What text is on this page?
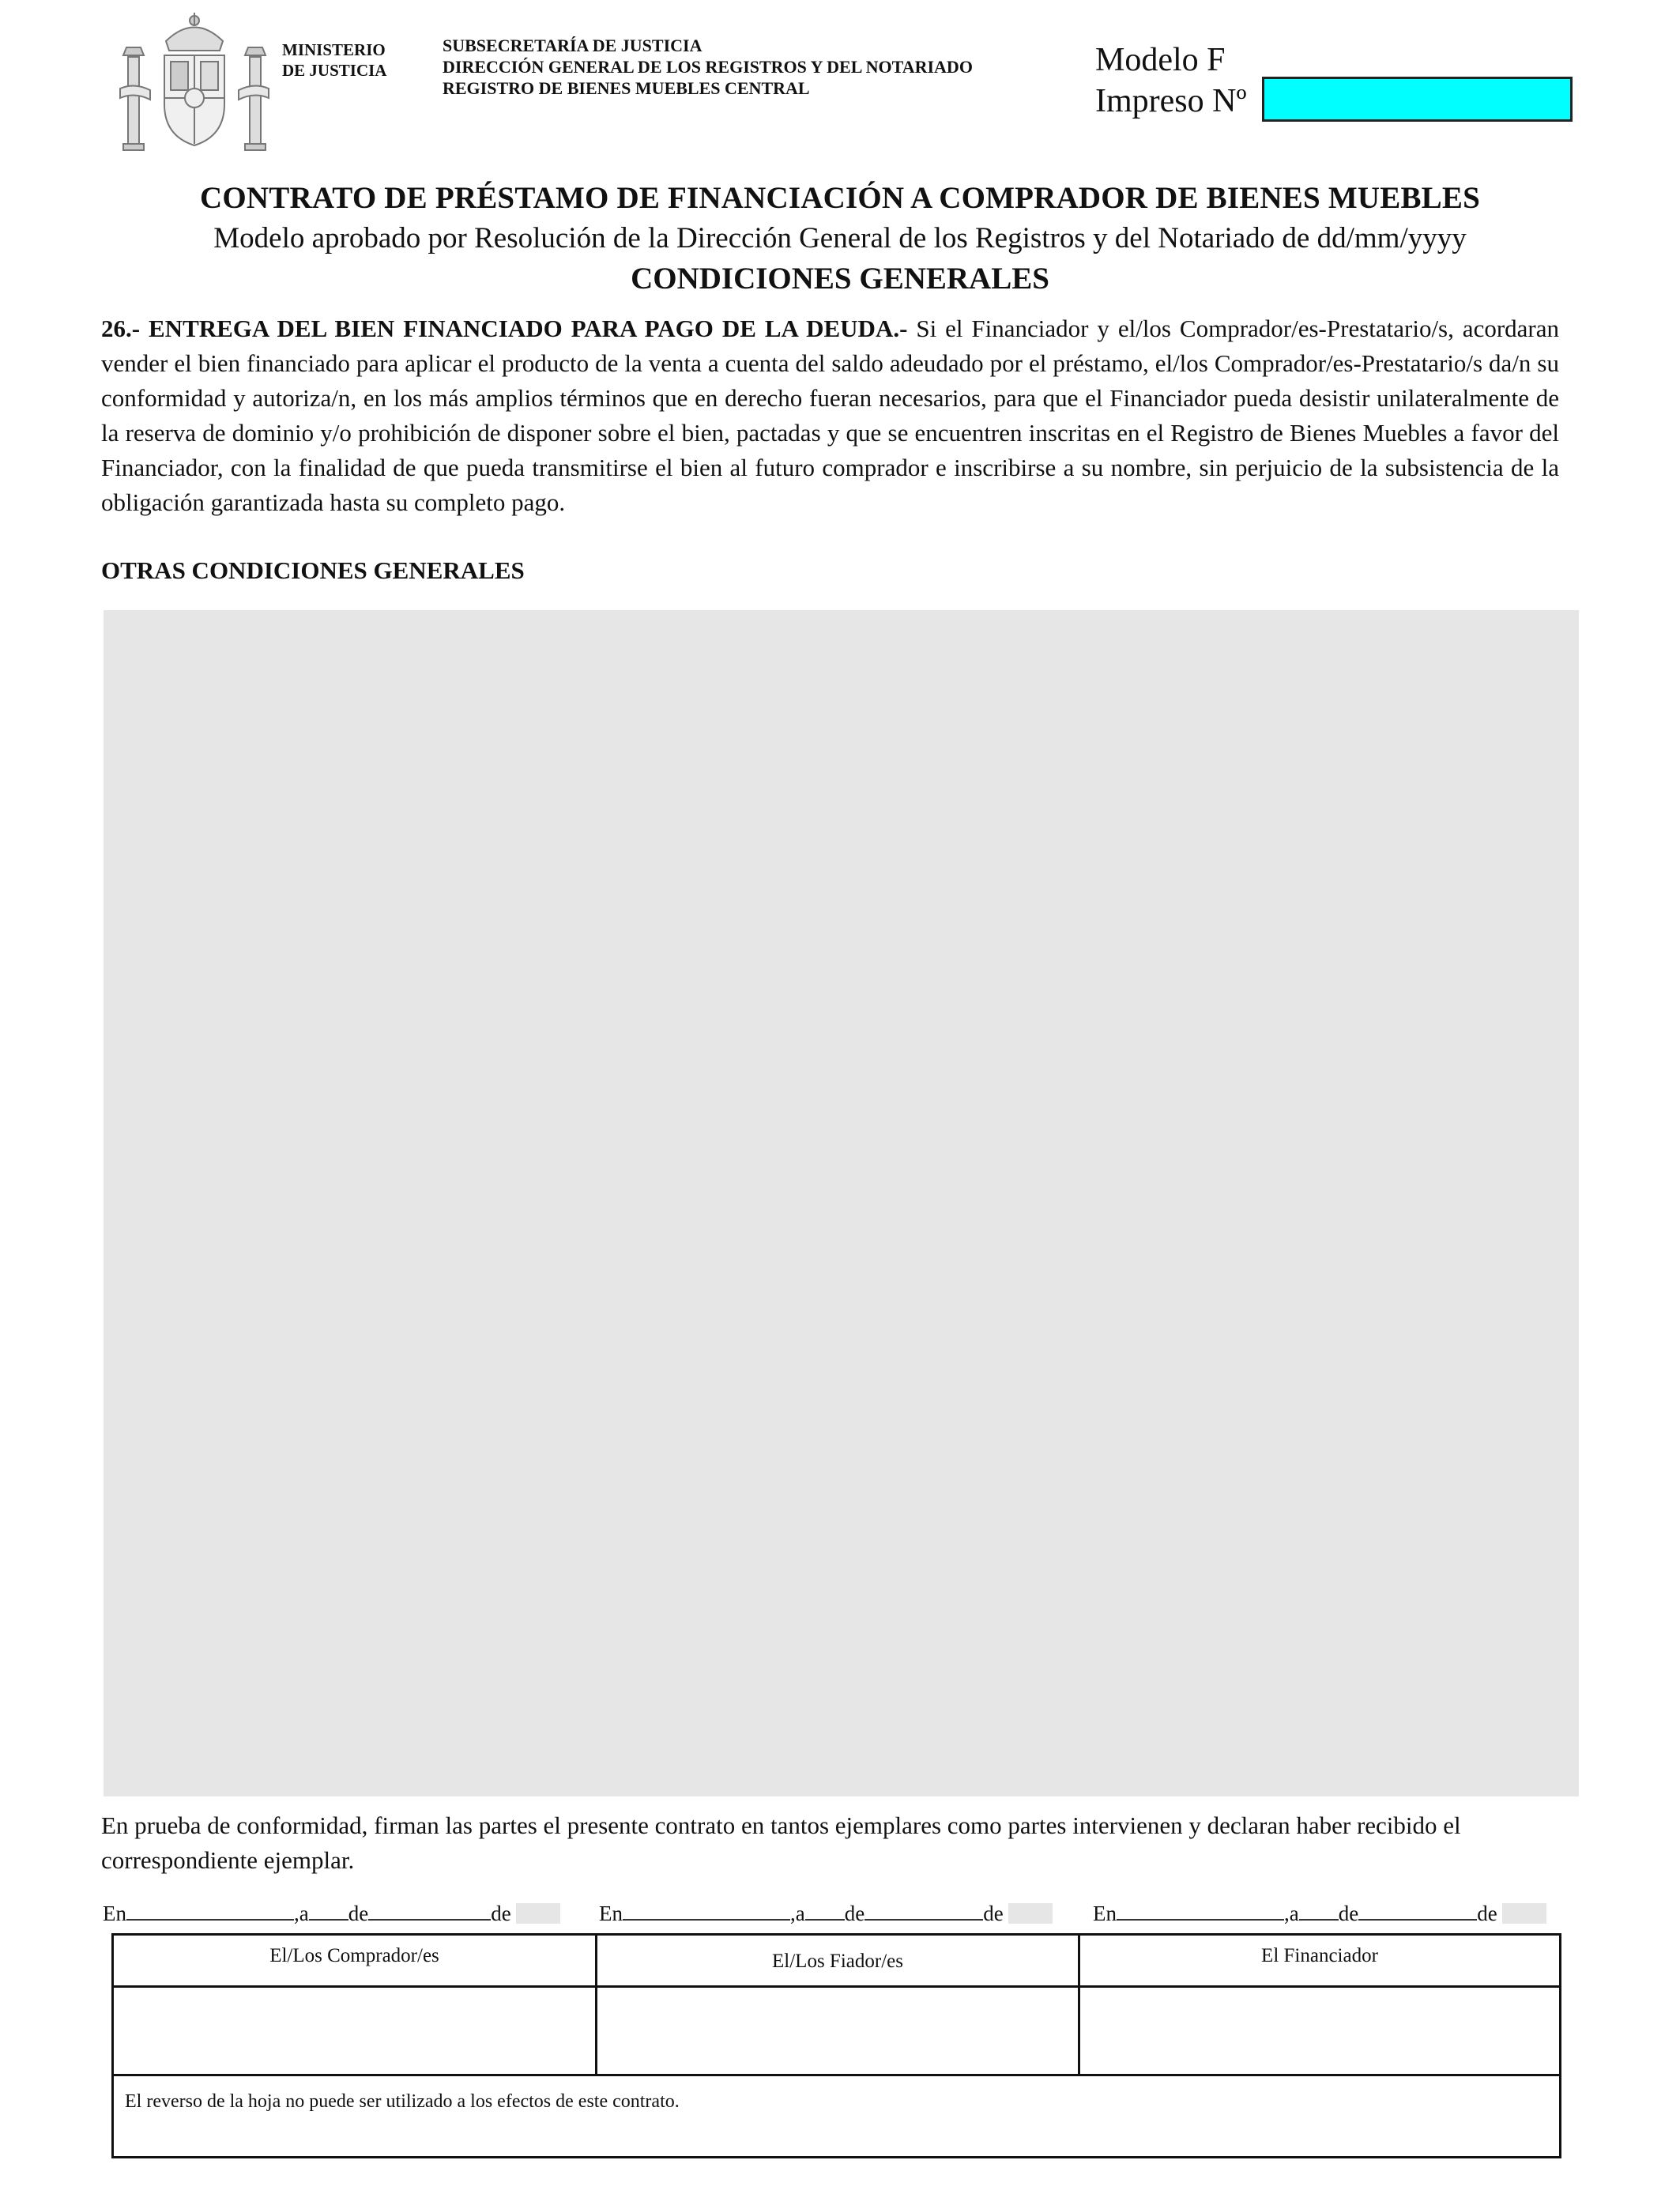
MINISTERIO
DE JUSTICIA
SUBSECRETARÍA DE JUSTICIA
DIRECCIÓN GENERAL DE LOS REGISTROS Y DEL NOTARIADO
REGISTRO DE BIENES MUEBLES CENTRAL
Modelo F
Impreso Nº
CONTRATO DE PRÉSTAMO DE FINANCIACIÓN A COMPRADOR DE BIENES MUEBLES
Modelo aprobado por Resolución de la Dirección General de los Registros y del Notariado de dd/mm/yyyy
CONDICIONES GENERALES
26.- ENTREGA DEL BIEN FINANCIADO PARA PAGO DE LA DEUDA.- Si el Financiador y el/los Comprador/es-Prestatario/s, acordaran vender el bien financiado para aplicar el producto de la venta a cuenta del saldo adeudado por el préstamo, el/los Comprador/es-Prestatario/s da/n su conformidad y autoriza/n, en los más amplios términos que en derecho fueran necesarios, para que el Financiador pueda desistir unilateralmente de la reserva de dominio y/o prohibición de disponer sobre el bien, pactadas y que se encuentren inscritas en el Registro de Bienes Muebles a favor del Financiador, con la finalidad de que pueda transmitirse el bien al futuro comprador e inscribirse a su nombre, sin perjuicio de la subsistencia de la obligación garantizada hasta su completo pago.
OTRAS CONDICIONES GENERALES
En prueba de conformidad, firman las partes el presente contrato en tantos ejemplares como partes intervienen y declaran haber recibido el correspondiente ejemplar.
En	,a de	de	En	,a de	de	En	,a de	de
El/Los Comprador/es	El/Los Fiador/es	El Financiador
El reverso de la hoja no puede ser utilizado a los efectos de este contrato.
